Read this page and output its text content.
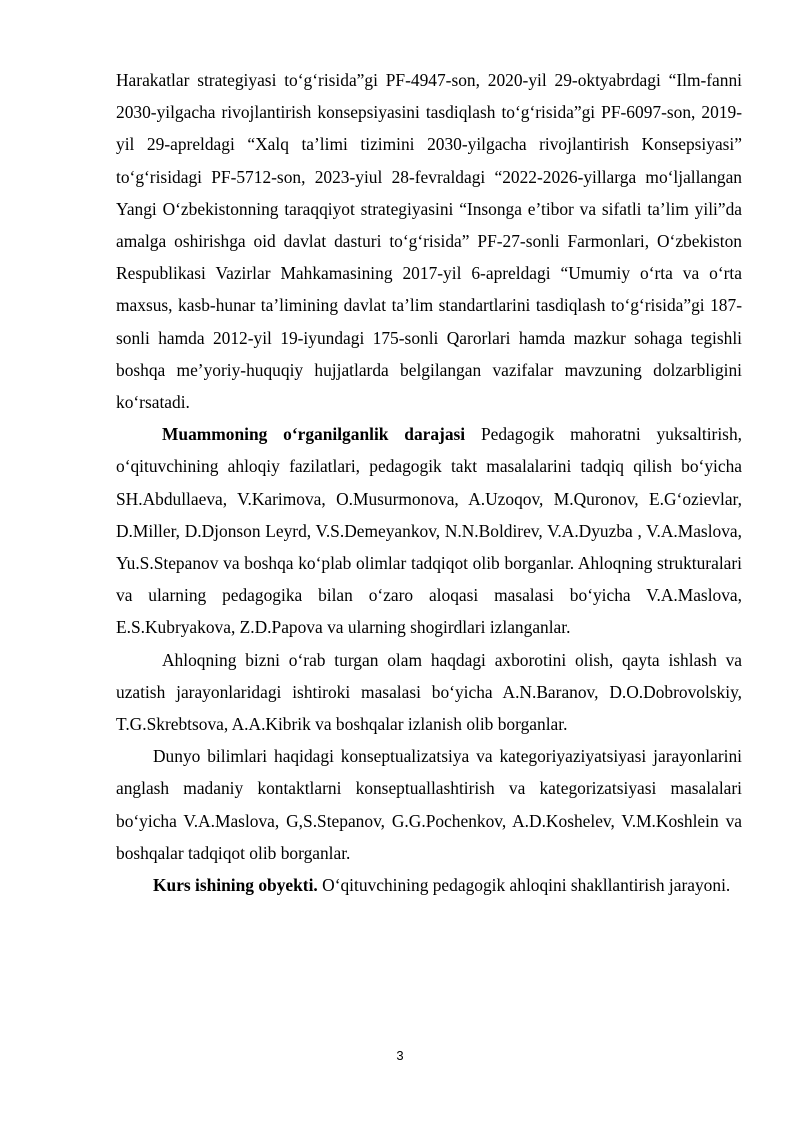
Harakatlar strategiyasi to‘g‘risida”gi PF-4947-son, 2020-yil 29-oktyabrdagi “Ilm-fanni 2030-yilgacha rivojlantirish konsepsiyasini tasdiqlash to‘g‘risida”gi PF-6097-son, 2019-yil 29-apreldagi “Xalq ta’limi tizimini 2030-yilgacha rivojlantirish Konsepsiyasi” to‘g‘risidagi PF-5712-son, 2023-yiul 28-fevraldagi “2022-2026-yillarga mo‘ljallangan Yangi O‘zbekistonning taraqqiyot strategiyasini “Insonga e’tibor va sifatli ta’lim yili”da amalga oshirishga oid davlat dasturi to‘g‘risida” PF-27-sonli Farmonlari, O‘zbekiston Respublikasi Vazirlar Mahkamasining 2017-yil 6-apreldagi “Umumiy o‘rta va o‘rta maxsus, kasb-hunar ta’limining davlat ta’lim standartlarini tasdiqlash to‘g‘risida”gi 187-sonli hamda 2012-yil 19-iyundagi 175-sonli Qarorlari hamda mazkur sohaga tegishli boshqa me’yoriy-huquqiy hujjatlarda belgilangan vazifalar mavzuning dolzarbligini ko‘rsatadi.

Muammoning o‘rganilganlik darajasi Pedagogik mahoratni yuksaltirish, o‘qituvchining ahloqiy fazilatlari, pedagogik takt masalalarini tadqiq qilish bo‘yicha SH.Abdullaeva, V.Karimova, O.Musurmonova, A.Uzoqov, M.Quronov, E.G‘ozievlar, D.Miller, D.Djonson Leyrd, V.S.Demeyankov, N.N.Boldirev, V.A.Dyuzba , V.A.Maslova, Yu.S.Stepanov va boshqa ko‘plab olimlar tadqiqot olib borganlar. Ahloqning strukturalari va ularning pedagogika bilan o‘zaro aloqasi masalasi bo‘yicha V.A.Maslova, E.S.Kubryakova, Z.D.Papova va ularning shogirdlari izlanganlar.

Ahloqning bizni o‘rab turgan olam haqdagi axborotini olish, qayta ishlash va uzatish jarayonlaridagi ishtiroki masalasi bo‘yicha A.N.Baranov, D.O.Dobrovolskiy, T.G.Skrebtsova, A.A.Kibrik va boshqalar izlanish olib borganlar.

Dunyo bilimlari haqidagi konseptualizatsiya va kategoriyaziyatsiyasi jarayonlarini anglash madaniy kontaktlarni konseptuallashtirish va kategorizatsiyasi masalalari bo‘yicha V.A.Maslova, G,S.Stepanov, G.G.Pochenkov, A.D.Koshelev, V.M.Koshlein va boshqalar tadqiqot olib borganlar.

Kurs ishining obyekti. O‘qituvchining pedagogik ahloqini shakllantirish jarayoni.

3
